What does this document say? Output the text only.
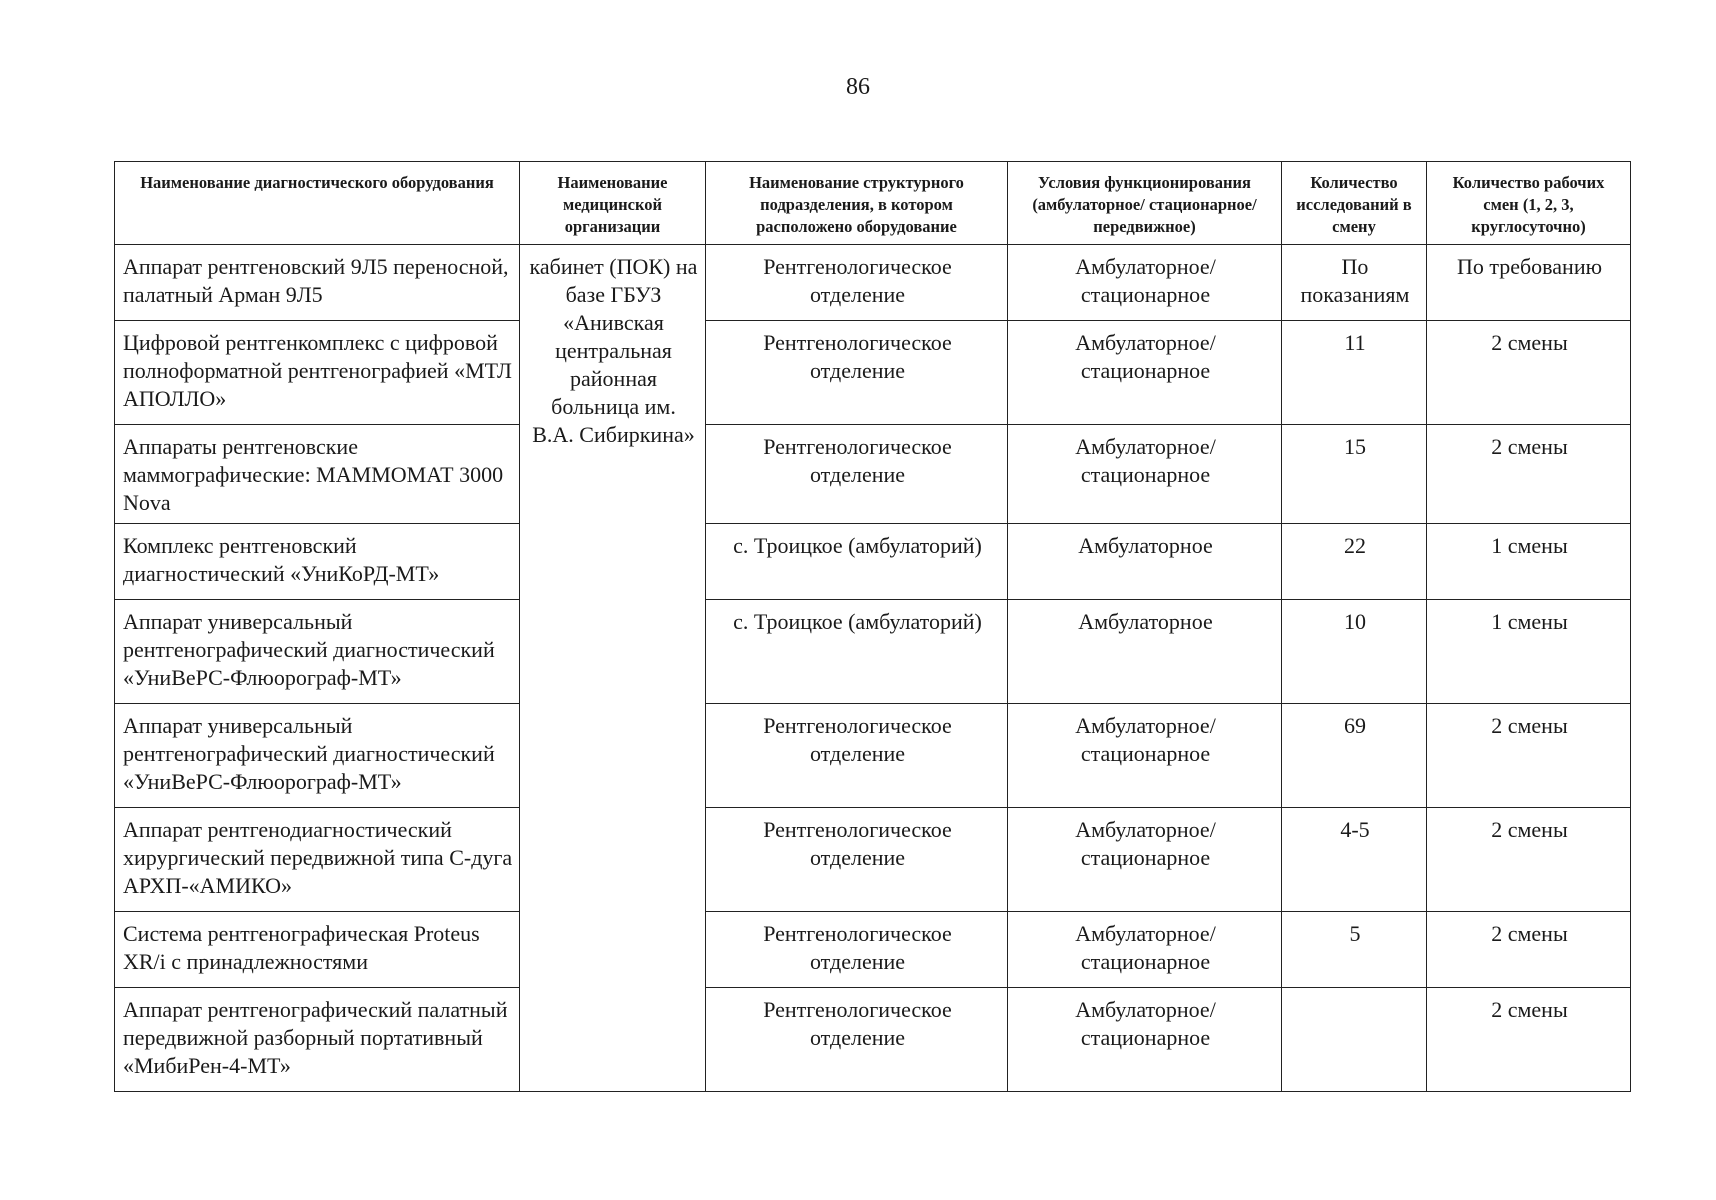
86
Наименование диагностического оборудования	Наименование медицинской организации	Наименование структурного подразделения, в котором расположено оборудование	Условия функционирования (амбулаторное/ стационарное/передвижное)	Количество исследований в смену	Количество рабочих смен (1, 2, 3, круглосуточно)
Аппарат рентгеновский 9Л5 переносной, палатный Арман 9Л5	кабинет (ПОК) на базе ГБУЗ «Анивская центральная районная больница им. В.А. Сибиркина»	Рентгенологическое отделение	Амбулаторное/ стационарное	По показаниям	По требованию
Цифровой рентгенкомплекс с цифровой полноформатной рентгенографией «МТЛ АПОЛЛО»		Рентгенологическое отделение	Амбулаторное/ стационарное	11	2 смены
Аппараты рентгеновские маммографические: МАММОМАТ 3000 Nova		Рентгенологическое отделение	Амбулаторное/ стационарное	15	2 смены
Комплекс рентгеновский диагностический «УниКоРД-МТ»		с. Троицкое (амбулаторий)	Амбулаторное	22	1 смены
Аппарат универсальный рентгенографический диагностический «УниВеРС-Флюорограф-МТ»		с. Троицкое (амбулаторий)	Амбулаторное	10	1 смены
Аппарат универсальный рентгенографический диагностический «УниВеРС-Флюорограф-МТ»		Рентгенологическое отделение	Амбулаторное/ стационарное	69	2 смены
Аппарат рентгенодиагностический хирургический передвижной типа С-дуга АРХП-«АМИКО»		Рентгенологическое отделение	Амбулаторное/ стационарное	4-5	2 смены
Система рентгенографическая Proteus XR/i с принадлежностями		Рентгенологическое отделение	Амбулаторное/ стационарное	5	2 смены
Аппарат рентгенографический палатный передвижной разборный портативный «МибиРен-4-МТ»		Рентгенологическое отделение	Амбулаторное/ стационарное		2 смены
